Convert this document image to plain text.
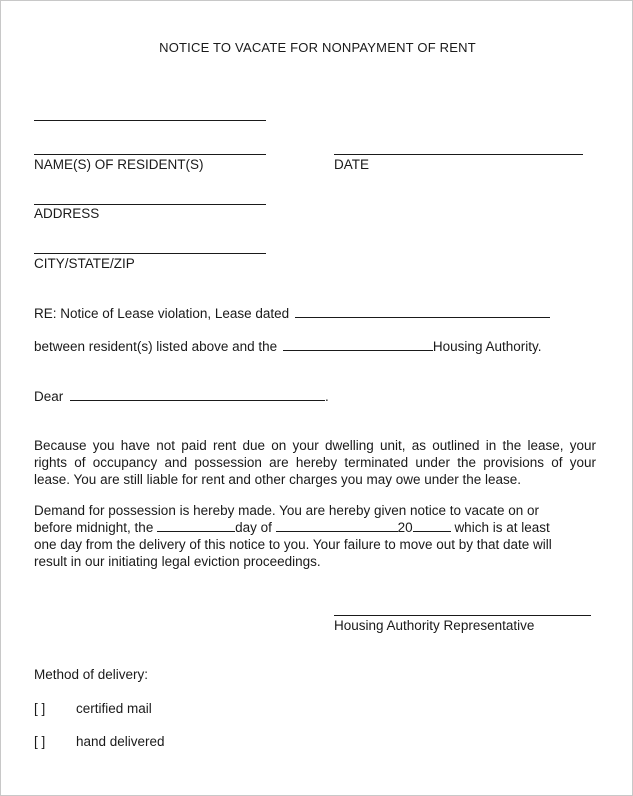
NOTICE TO VACATE FOR NONPAYMENT OF RENT
NAME(S) OF RESIDENT(S)	DATE
ADDRESS
CITY/STATE/ZIP
RE: Notice of Lease violation, Lease dated
between resident(s) listed above and the	Housing Authority.
Dear	.
Because you have not paid rent due on your dwelling unit, as outlined in the lease, your
rights of occupancy and possession are hereby terminated under the provisions of your
lease. You are still liable for rent and other charges you may owe under the lease.
Demand for possession is hereby made. You are hereby given notice to vacate on or
before midnight, the	day of	20	which is at least
one day from the delivery of this notice to you. Your failure to move out by that date will
result in our initiating legal eviction proceedings.
Housing Authority Representative
Method of delivery:
[ ] certified mail
[ ] hand delivered
